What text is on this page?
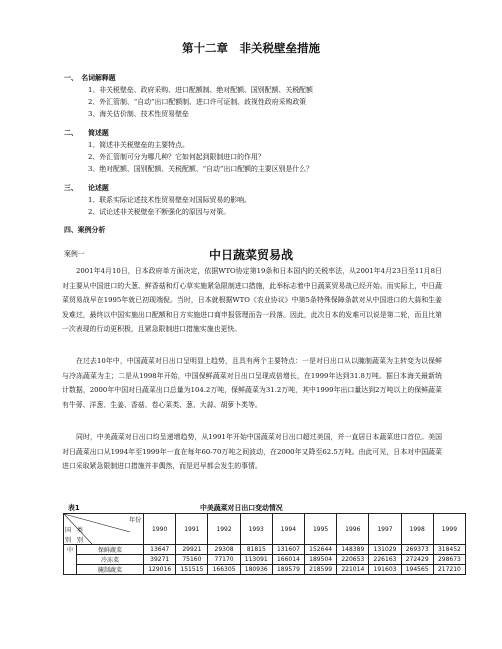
第十二章　非关税壁垒措施
一、　名词解释题
1、非关税壁垒、政府采购、进口配额制、绝对配额、国别配额、关税配额
2、外汇管制、“自动”出口配额制、进口许可证制、歧视性政府采购政策
3、海关估价制、技术性贸易壁垒
二、　　简述题
1、简述非关税壁垒的主要特点。
2、外汇管制可分为哪几种？它如何起到限制进口的作用？
3、绝对配额、国别配额、关税配额、“自动”出口配额的主要区别是什么？
三、　　论述题
1、联系实际论述技术性贸易壁垒对国际贸易的影响。
2、试论述非关税壁垒不断强化的原因与对策。
四、案例分析
案例一	中日蔬菜贸易战
2001年4月10日，日本政府单方面决定，依据WTO协定第19条和日本国内的关税率法，从2001年4月23日至11月8日对主要从中国进口的大葱、鲜香菇和灯心草实施紧急限制进口措施，此举标志着中日蔬菜贸易战已经开始。而实际上，中日蔬菜贸易战早在1995年就已初现端倪。当时，日本就根据WTO《农业协议》中第5条特殊保障条款对从中国进口的大蒜和生姜发难过，最终以中国实施出口配额和日方实施进口商申报管理而告一段落。因此，此次日本的发难可以说是第二轮，而且比第一次表现的行动更积极，且紧急限制进口措施实施也更快。
在过去10年中，中国蔬菜对日出口呈明显上趋势，且具有两个主要特点：一是对日出口从以腌制蔬菜为主转变为以保鲜与冷冻蔬菜为主；二是从1998年开始，中国保鲜蔬菜对日出口呈现成倍增长，在1999年达到31.8万吨。据日本海关最新统计数据，2000年中国对日蔬菜出口总量为104.2万吨，保鲜蔬菜为31.2万吨，其中1999年出口量达到2万吨以上的保鲜蔬菜有牛蒡、洋葱、生姜、香菇、卷心菜类、葱、大蒜、胡萝卜类等。
同时，中美蔬菜对日出口均呈递增趋势，从1991年开始中国蔬菜对日出口超过美国，并一直居日本蔬菜进口首位。美国对日蔬菜出口从1994年至1999年一直在每年60-70万吨之间波动，在2000年又降至62.5万吨。由此可见，日本对中国蔬菜进口采取紧急限制进口措施并非偶然，而是迟早都会发生的事情。
表1	中美蔬菜对日出口变动情况
年份
国　类
别　别		1990	1991	1992	1993	1994	1995	1996	1997	1998	1999
中	保鲜蔬菜	13647	29921	29308	81815	131607	152644	148389	131029	269373	318452
	冷冻菜	39271	75160	77170	113091	166014	189504	220653	226163	272429	298673
	腌制蔬菜	129016	151515	166305	180936	189579	218599	221014	191603	194565	217210
